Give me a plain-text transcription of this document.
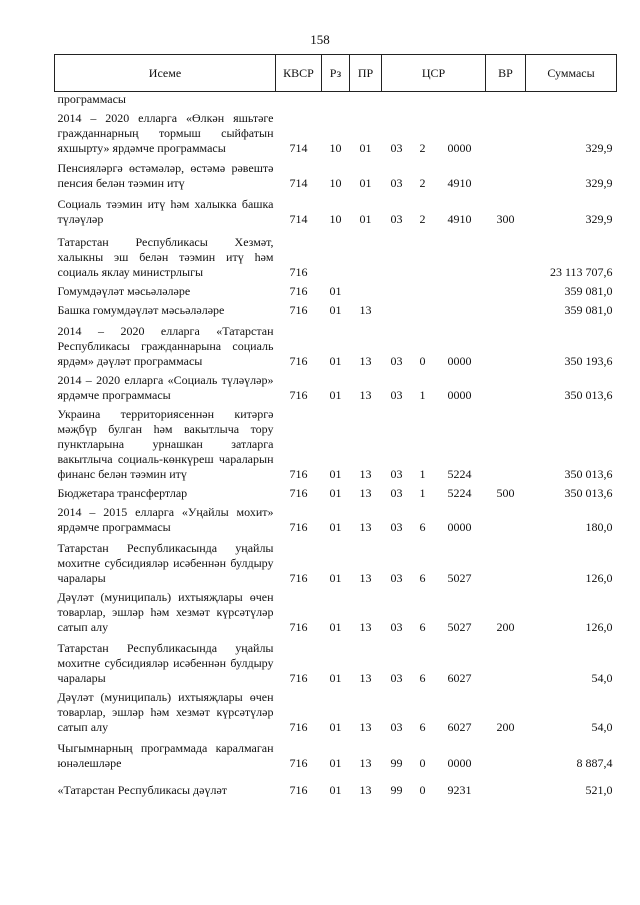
158
Исеме	КВСР	Рз	ПР	ЦСР			ВР	Суммасы
программасы								
2014 – 2020 елларга «Өлкән яшьтәге гражданнарның тормыш сыйфатын яхшырту» ярдәмче программасы	714	10	01	03	2	0000		329,9
Пенсияләргә өстәмәләр, өстәмә рәвештә пенсия белән тәэмин итү	714	10	01	03	2	4910		329,9
Социаль тәэмин итү һәм халыкка башка түләүләр	714	10	01	03	2	4910	300	329,9
Татарстан Республикасы Хезмәт, халыкны эш белән тәэмин итү һәм социаль яклау министрлыгы	716							23 113 707,6
Гомумдәүләт мәсьәләләре	716	01						359 081,0
Башка гомумдәүләт мәсьәләләре	716	01	13					359 081,0
2014 – 2020 елларга «Татарстан Республикасы гражданнарына социаль ярдәм» дәүләт программасы	716	01	13	03	0	0000		350 193,6
2014 – 2020 елларга «Социаль түләүләр» ярдәмче программасы	716	01	13	03	1	0000		350 013,6
Украина территориясеннән китәргә мәҗбүр булган һәм вакытлыча тору пунктларына урнашкан затларга вакытлыча социаль-көнкүреш чараларын финанс белән тәэмин итү	716	01	13	03	1	5224		350 013,6
Бюджетара трансфертлар	716	01	13	03	1	5224	500	350 013,6
2014 – 2015 елларга «Уңайлы мохит» ярдәмче программасы	716	01	13	03	6	0000		180,0
Татарстан Республикасында уңайлы мохитне субсидияләр исәбеннән булдыру чаралары	716	01	13	03	6	5027		126,0
Дәүләт (муниципаль) ихтыяҗлары өчен товарлар, эшләр һәм хезмәт күрсәтүләр сатып алу	716	01	13	03	6	5027	200	126,0
Татарстан Республикасында уңайлы мохитне субсидияләр исәбеннән булдыру чаралары	716	01	13	03	6	6027		54,0
Дәүләт (муниципаль) ихтыяҗлары өчен товарлар, эшләр һәм хезмәт күрсәтүләр сатып алу	716	01	13	03	6	6027	200	54,0
Чыгымнарның программада каралмаган юнәлешләре	716	01	13	99	0	0000		8 887,4
«Татарстан Республикасы дәүләт	716	01	13	99	0	9231		521,0
